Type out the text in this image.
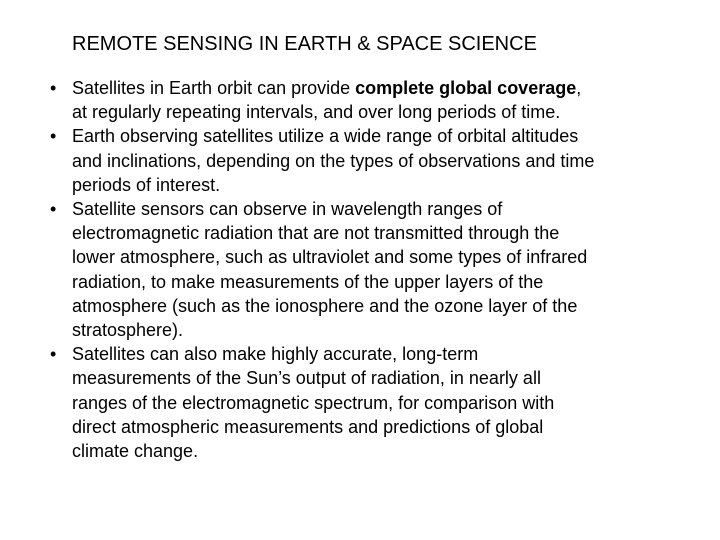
REMOTE SENSING IN EARTH & SPACE SCIENCE
• Satellites in Earth orbit can provide complete global coverage,
at regularly repeating intervals, and over long periods of time.
• Earth observing satellites utilize a wide range of orbital altitudes
and inclinations, depending on the types of observations and time
periods of interest.
• Satellite sensors can observe in wavelength ranges of
electromagnetic radiation that are not transmitted through the
lower atmosphere, such as ultraviolet and some types of infrared
radiation, to make measurements of the upper layers of the
atmosphere (such as the ionosphere and the ozone layer of the
stratosphere).
• Satellites can also make highly accurate, long-term
measurements of the Sun’s output of radiation, in nearly all
ranges of the electromagnetic spectrum, for comparison with
direct atmospheric measurements and predictions of global
climate change.
